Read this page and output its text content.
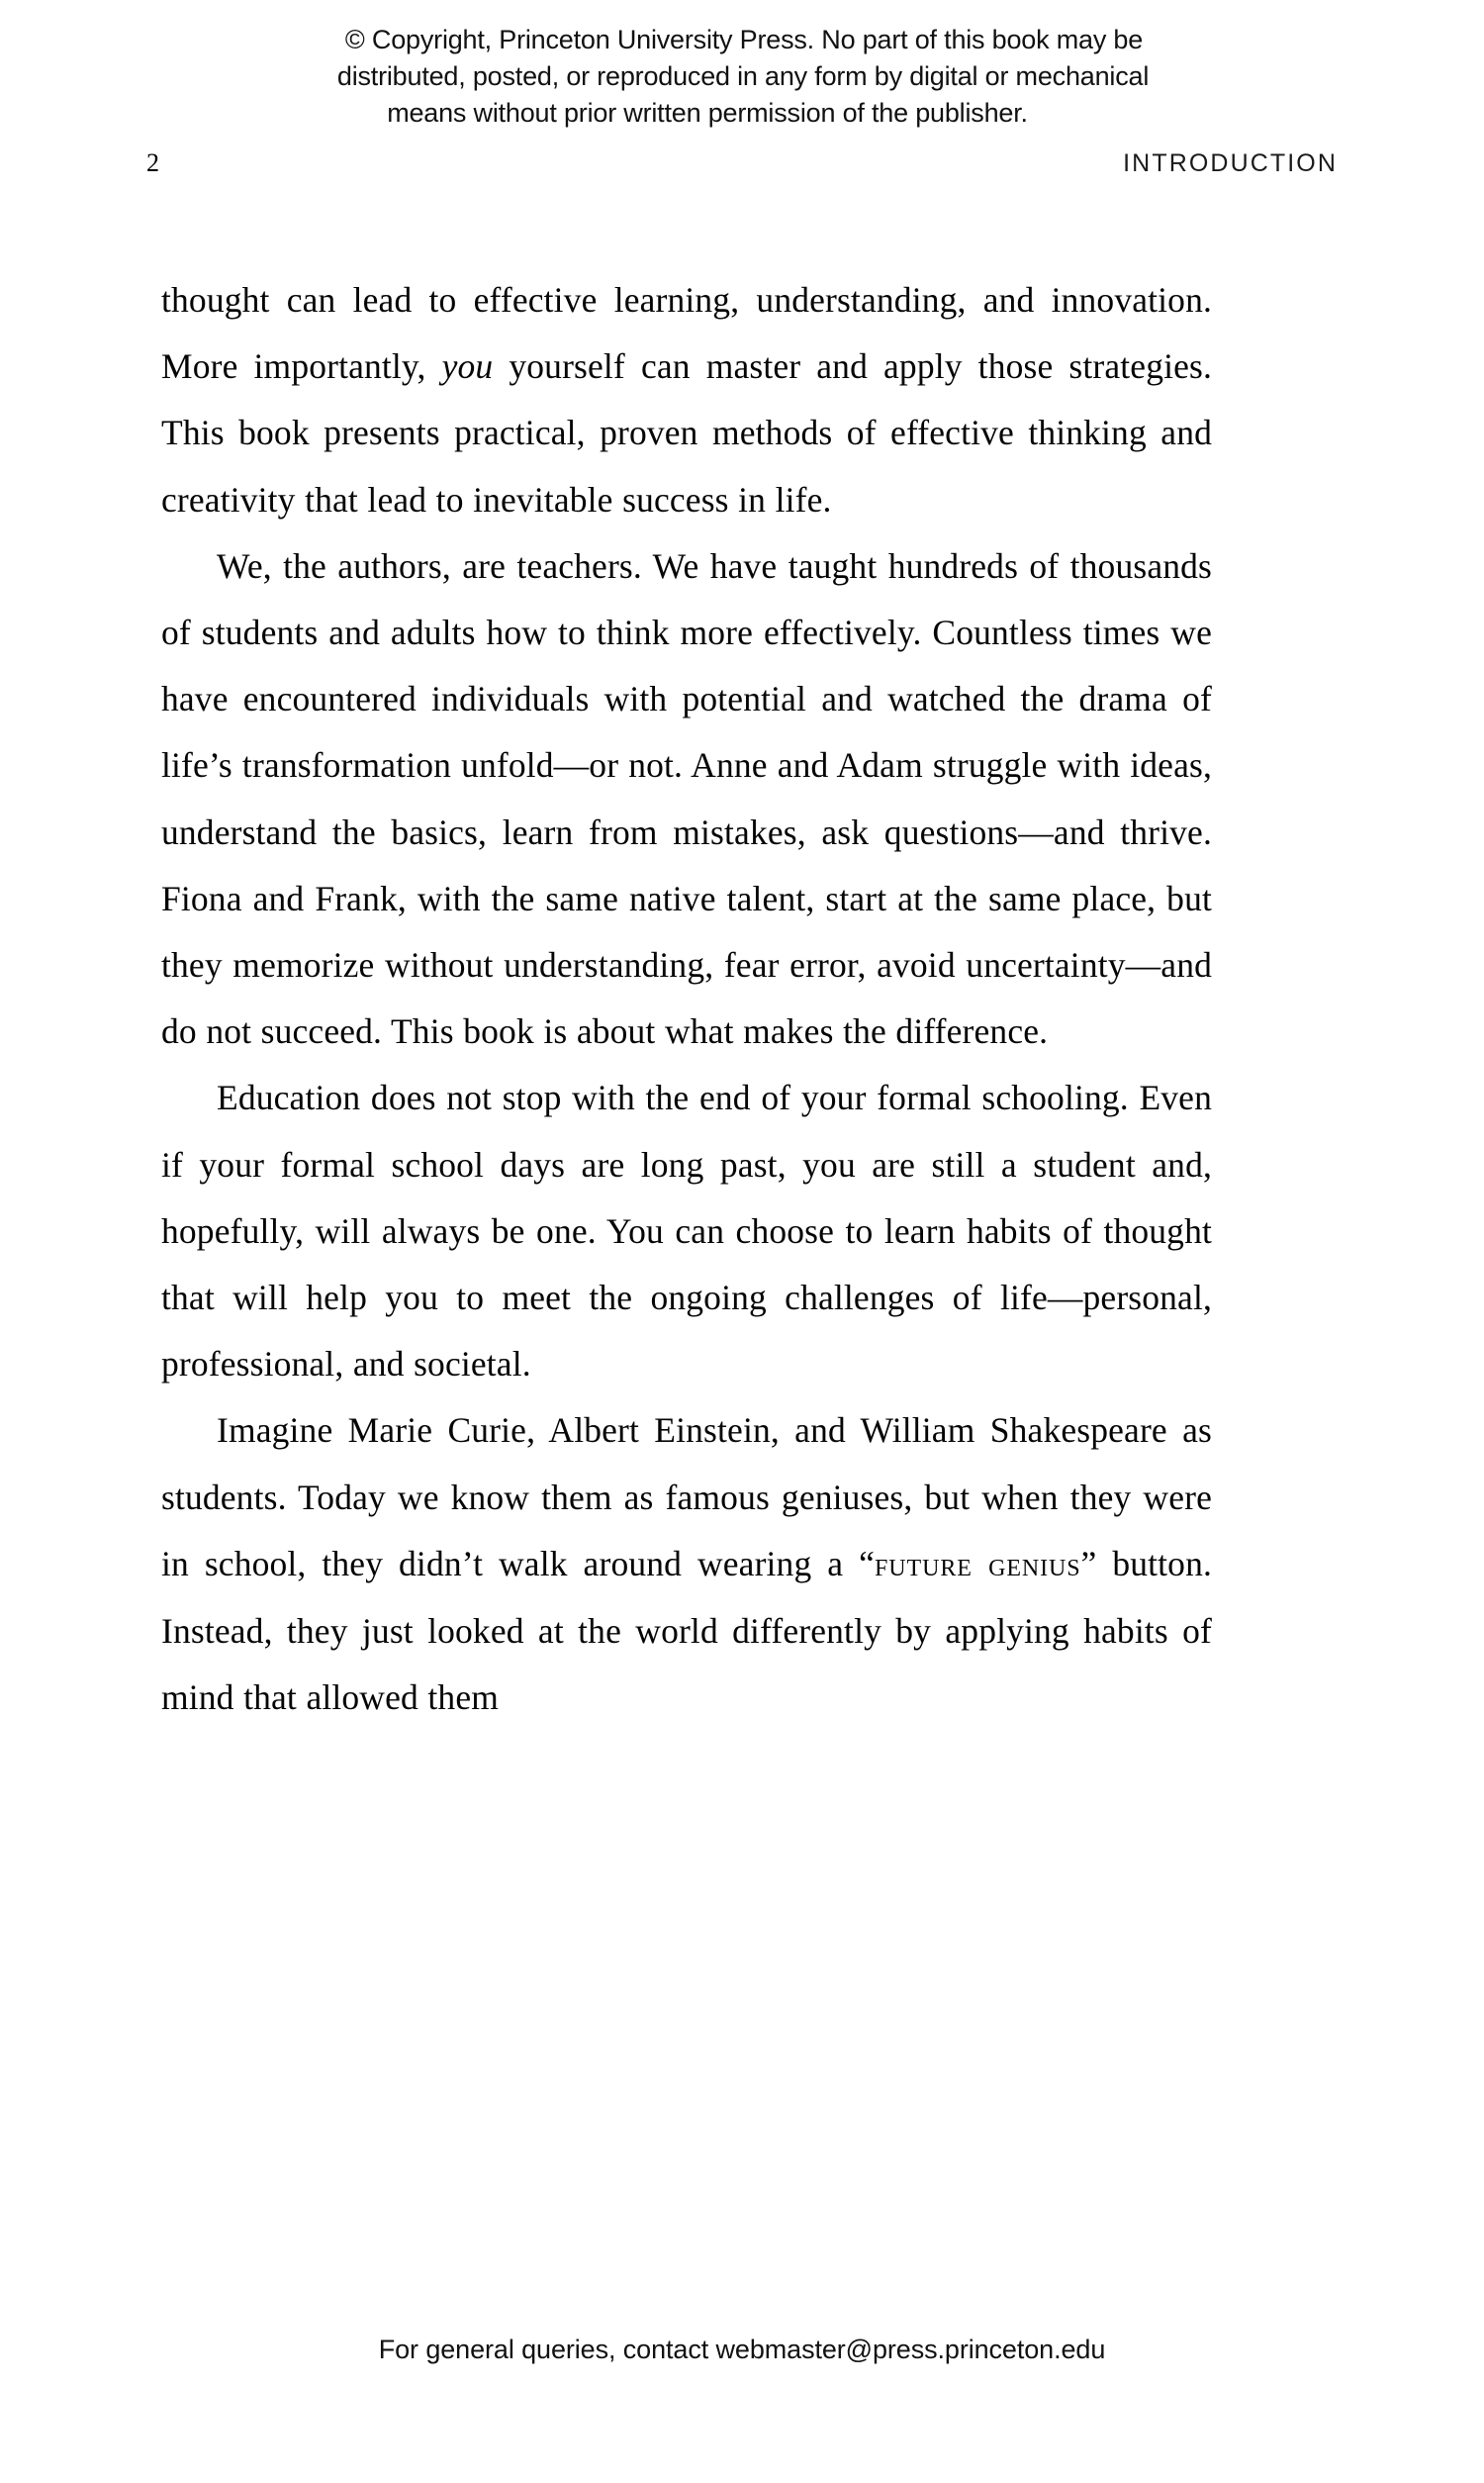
© Copyright, Princeton University Press. No part of this book may be
distributed, posted, or reproduced in any form by digital or mechanical
means without prior written permission of the publisher.
2	INTRODUCTION

thought can lead to effective learning, understanding, and innovation. More importantly, you yourself can master and apply those strategies. This book presents practical, proven methods of effective thinking and creativity that lead to inevitable success in life.

We, the authors, are teachers. We have taught hundreds of thousands of students and adults how to think more effectively. Countless times we have encountered individuals with potential and watched the drama of life’s transformation unfold—or not. Anne and Adam struggle with ideas, understand the basics, learn from mistakes, ask questions—and thrive. Fiona and Frank, with the same native talent, start at the same place, but they memorize without understanding, fear error, avoid uncertainty—and do not succeed. This book is about what makes the difference.

Education does not stop with the end of your formal schooling. Even if your formal school days are long past, you are still a student and, hopefully, will always be one. You can choose to learn habits of thought that will help you to meet the ongoing challenges of life—personal, professional, and societal.

Imagine Marie Curie, Albert Einstein, and William Shakespeare as students. Today we know them as famous geniuses, but when they were in school, they didn’t walk around wearing a “future genius” button. Instead, they just looked at the world differently by applying habits of mind that allowed them

For general queries, contact webmaster@press.princeton.edu
